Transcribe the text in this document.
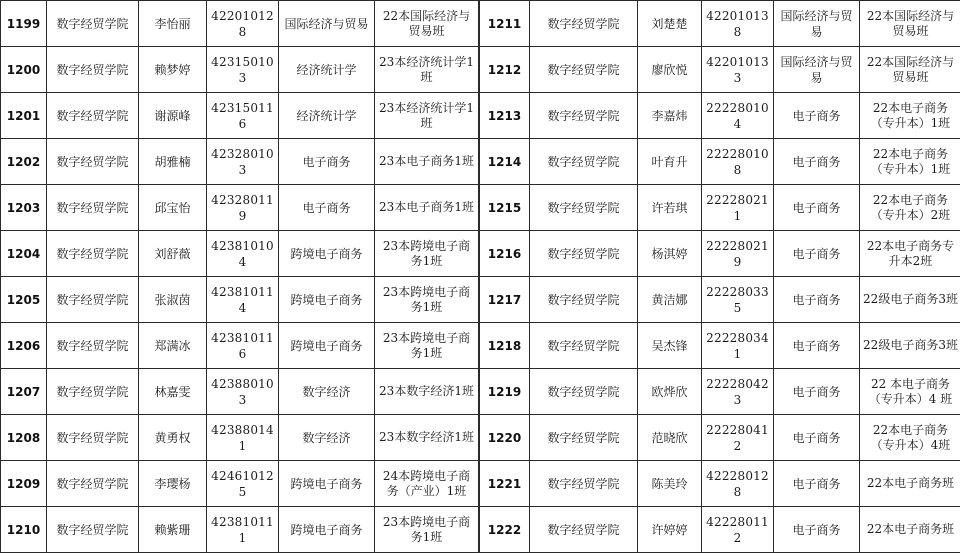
1199	数字经贸学院	李怡丽	422010128	国际经济与贸易	22本国际经济与贸易班
1200	数字经贸学院	赖梦婷	423150103	经济统计学	23本经济统计学1班
1201	数字经贸学院	谢源峰	423150116	经济统计学	23本经济统计学1班
1202	数字经贸学院	胡雅楠	423280103	电子商务	23本电子商务1班
1203	数字经贸学院	邱宝怡	423280119	电子商务	23本电子商务1班
1204	数字经贸学院	刘舒薇	423810104	跨境电子商务	23本跨境电子商务1班
1205	数字经贸学院	张淑茵	423810114	跨境电子商务	23本跨境电子商务1班
1206	数字经贸学院	郑满冰	423810116	跨境电子商务	23本跨境电子商务1班
1207	数字经贸学院	林嘉雯	423880103	数字经济	23本数字经济1班
1208	数字经贸学院	黄勇权	423880141	数字经济	23本数字经济1班
1209	数字经贸学院	李璎杨	424610125	跨境电子商务	24本跨境电子商务（产业）1班
1210	数字经贸学院	赖紫珊	423810111	跨境电子商务	23本跨境电子商务1班
1211	数字经贸学院	刘楚楚	422010138	国际经济与贸易	22本国际经济与贸易班
1212	数字经贸学院	廖欣悦	422010133	国际经济与贸易	22本国际经济与贸易班
1213	数字经贸学院	李嘉炜	222280104	电子商务	22本电子商务（专升本）1班
1214	数字经贸学院	叶育升	222280108	电子商务	22本电子商务（专升本）1班
1215	数字经贸学院	许若琪	222280211	电子商务	22本电子商务（专升本）2班
1216	数字经贸学院	杨淇婷	222280219	电子商务	22本电子商务专升本2班
1217	数字经贸学院	黄洁娜	222280335	电子商务	22级电子商务3班
1218	数字经贸学院	吴杰锋	222280341	电子商务	22级电子商务3班
1219	数字经贸学院	欧烨欣	222280423	电子商务	22 本电子商务（专升本）4 班
1220	数字经贸学院	范晓欣	222280412	电子商务	22本电子商务（专升本）4班
1221	数字经贸学院	陈美玲	422280128	电子商务	22本电子商务班
1222	数字经贸学院	许婷婷	422280112	电子商务	22本电子商务班
